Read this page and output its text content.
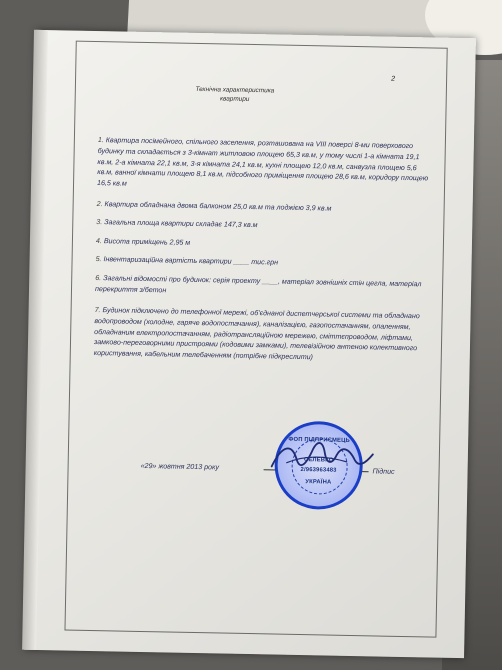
2
Технічна характеристика
квартири
1. Квартира посімейного, спільного заселення, розташована на VIII поверсі 8-ми поверхового будинку та складається з 3-кімнат житловою площею 65,3 кв.м, у тому числі 1-а кімната 19,1 кв.м, 2-а кімната 22,1 кв.м, 3-я кімната 24,1 кв.м, кухні площею 12,0 кв.м, санвузла площею 5,6 кв.м, ванної кімнати площею 8,1 кв.м, підсобного приміщення площею 28,6 кв.м, коридору площею 16,5 кв.м
2. Квартира обладнана двома балконом 25,0 кв.м та лоджією 3,9 кв.м
3. Загальна площа квартири складає 147,3 кв.м
4. Висота приміщень 2,95 м
5. Інвентаризаційна вартість квартири ____ тис.грн
6. Загальні відомості про будинок: серія проекту ____, матеріал зовнішніх стін цегла, матеріал перекриття з/бетон
7. Будинок підключено до телефонної мережі, об'єднаної диспетчерської системи та обладнано водопроводом (холодне, гаряче водопостачання), каналізацією, газопостачанням, опаленням, обладнаним електропостачанням, радіотрансляційною мережею, сміттєпроводом, ліфтами, замково-переговорними пристроями (кодовими замками), телевізійною антеною колективного користування, кабельним телебаченням (потрібне підкреслити)
«29» жовтня 2013 року
Підпис
ФОП ПІДПРИЄМЕЦЬ
СЕЛЕВКО
2/963963483
УКРАЇНА
